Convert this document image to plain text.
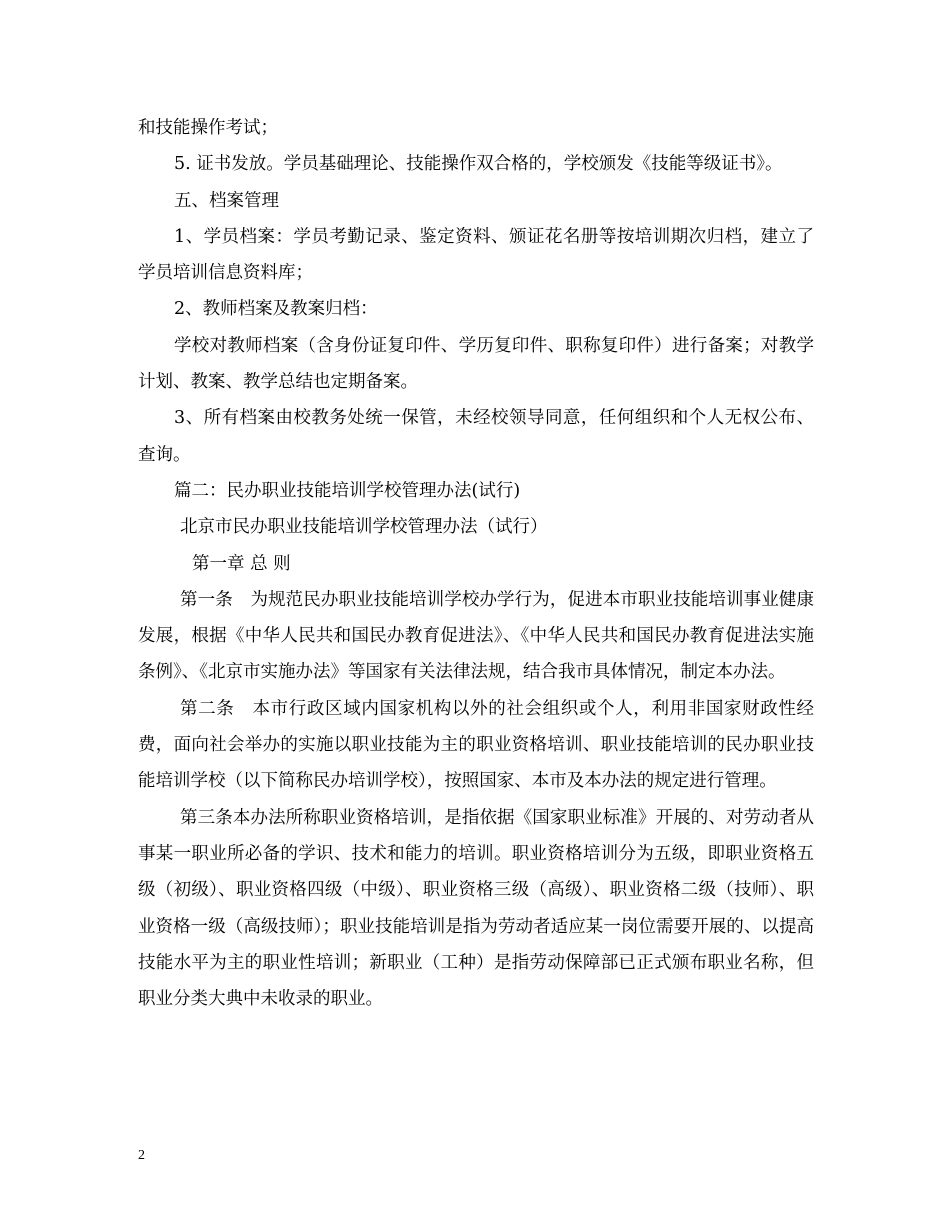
和技能操作考试；

5. 证书发放。学员基础理论、技能操作双合格的，学校颁发《技能等级证书》。

五、档案管理

1、学员档案：学员考勤记录、鉴定资料、颁证花名册等按培训期次归档，建立了学员培训信息资料库；

2、教师档案及教案归档：

学校对教师档案（含身份证复印件、学历复印件、职称复印件）进行备案；对教学计划、教案、教学总结也定期备案。

3、所有档案由校教务处统一保管，未经校领导同意，任何组织和个人无权公布、查询。

篇二：民办职业技能培训学校管理办法(试行)

北京市民办职业技能培训学校管理办法（试行）

第一章 总 则

第一条　为规范民办职业技能培训学校办学行为，促进本市职业技能培训事业健康发展，根据《中华人民共和国民办教育促进法》、《中华人民共和国民办教育促进法实施条例》、《北京市实施办法》等国家有关法律法规，结合我市具体情况，制定本办法。

第二条　本市行政区域内国家机构以外的社会组织或个人，利用非国家财政性经费，面向社会举办的实施以职业技能为主的职业资格培训、职业技能培训的民办职业技能培训学校（以下简称民办培训学校），按照国家、本市及本办法的规定进行管理。

第三条本办法所称职业资格培训，是指依据《国家职业标准》开展的、对劳动者从事某一职业所必备的学识、技术和能力的培训。职业资格培训分为五级，即职业资格五级（初级）、职业资格四级（中级）、职业资格三级（高级）、职业资格二级（技师）、职业资格一级（高级技师）；职业技能培训是指为劳动者适应某一岗位需要开展的、以提高技能水平为主的职业性培训；新职业（工种）是指劳动保障部已正式颁布职业名称，但职业分类大典中未收录的职业。

2
